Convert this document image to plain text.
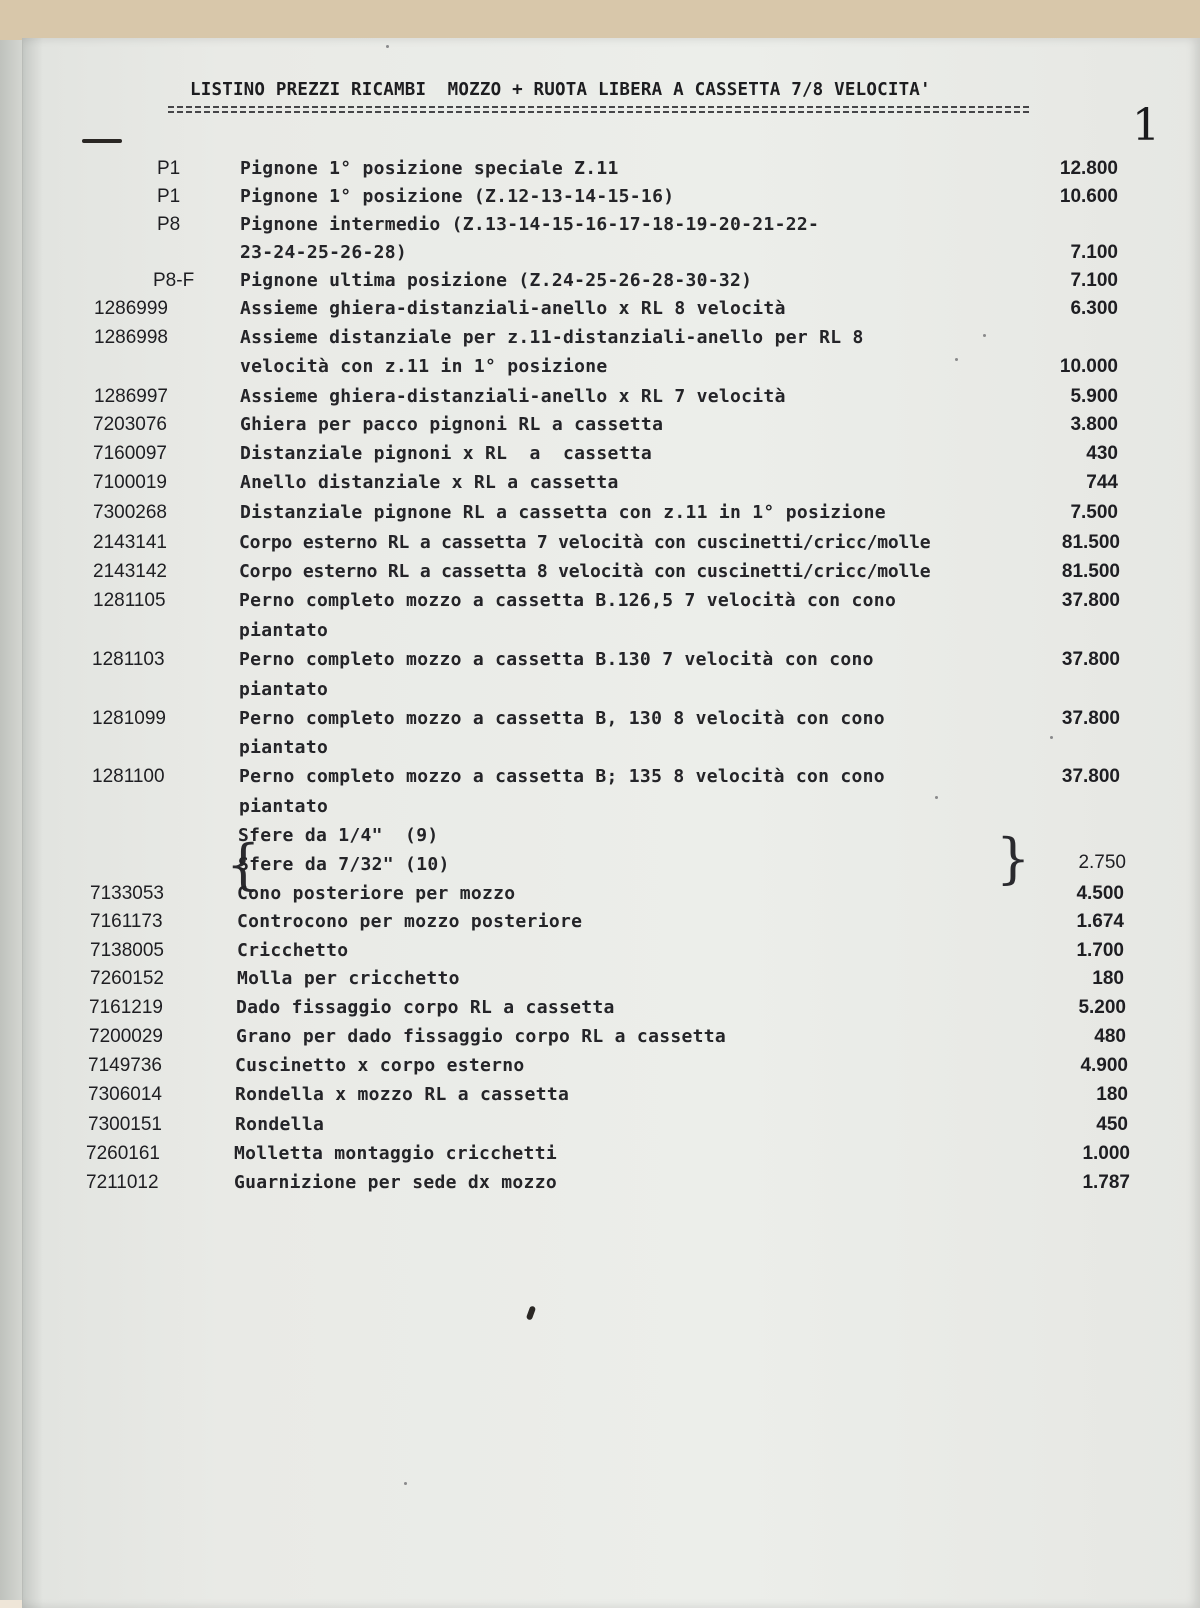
LISTINO PREZZI RICAMBI  MOZZO + RUOTA LIBERA A CASSETTA 7/8 VELOCITA'
1
P1	Pignone 1° posizione speciale Z.11	12.800
P1	Pignone 1° posizione (Z.12-13-14-15-16)	10.600
P8	Pignone intermedio (Z.13-14-15-16-17-18-19-20-21-22-
23-24-25-26-28)	7.100
P8-F	Pignone ultima posizione (Z.24-25-26-28-30-32)	7.100
1286999	Assieme ghiera-distanziali-anello x RL 8 velocità	6.300
1286998	Assieme distanziale per z.11-distanziali-anello per RL 8
velocità con z.11 in 1° posizione	10.000
1286997	Assieme ghiera-distanziali-anello x RL 7 velocità	5.900
7203076	Ghiera per pacco pignoni RL a cassetta	3.800
7160097	Distanziale pignoni x RL  a  cassetta	430
7100019	Anello distanziale x RL a cassetta	744
7300268	Distanziale pignone RL a cassetta con z.11 in 1° posizione	7.500
2143141	Corpo esterno RL a cassetta 7 velocità con cuscinetti/cricc/molle	81.500
2143142	Corpo esterno RL a cassetta 8 velocità con cuscinetti/cricc/molle	81.500
1281105	Perno completo mozzo a cassetta B.126,5 7 velocità con cono	37.800
piantato
1281103	Perno completo mozzo a cassetta B.130 7 velocità con cono	37.800
piantato
1281099	Perno completo mozzo a cassetta B, 130 8 velocità con cono	37.800
piantato
1281100	Perno completo mozzo a cassetta B; 135 8 velocità con cono	37.800
piantato
{
Sfere da 1/4"  (9)
Sfere da 7/32" (10)	}	2.750
7133053	Cono posteriore per mozzo	4.500
7161173	Controcono per mozzo posteriore	1.674
7138005	Cricchetto	1.700
7260152	Molla per cricchetto	180
7161219	Dado fissaggio corpo RL a cassetta	5.200
7200029	Grano per dado fissaggio corpo RL a cassetta	480
7149736	Cuscinetto x corpo esterno	4.900
7306014	Rondella x mozzo RL a cassetta	180
7300151	Rondella	450
7260161	Molletta montaggio cricchetti	1.000
7211012	Guarnizione per sede dx mozzo	1.787
